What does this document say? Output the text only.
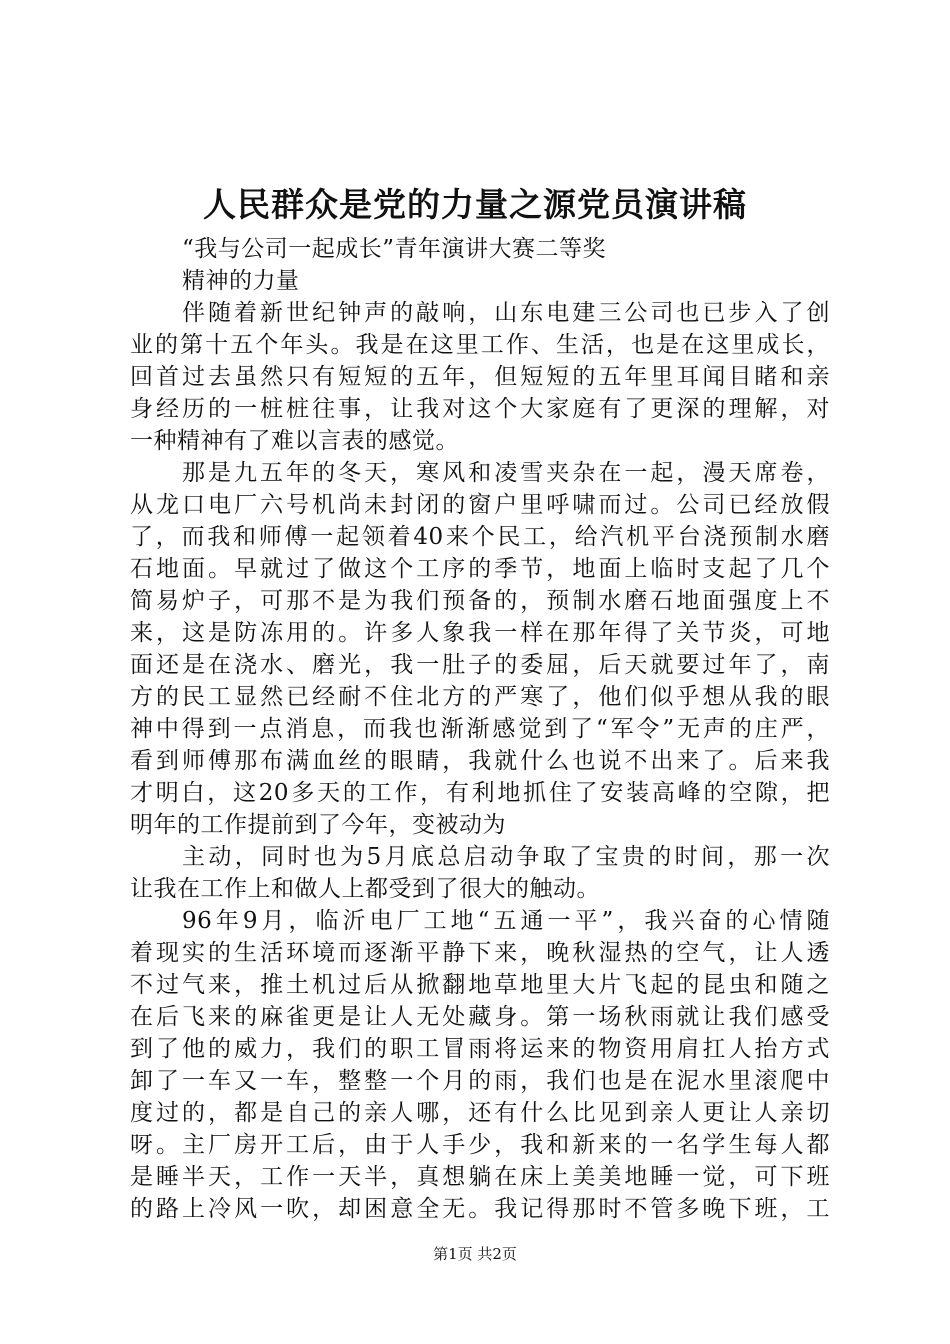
人民群众是党的力量之源党员演讲稿
“我与公司一起成长”青年演讲大赛二等奖
精神的力量
伴随着新世纪钟声的敲响，山东电建三公司也已步入了创
业的第十五个年头。我是在这里工作、生活，也是在这里成长，
回首过去虽然只有短短的五年，但短短的五年里耳闻目睹和亲
身经历的一桩桩往事，让我对这个大家庭有了更深的理解，对
一种精神有了难以言表的感觉。
那是九五年的冬天，寒风和凌雪夹杂在一起，漫天席卷，
从龙口电厂六号机尚未封闭的窗户里呼啸而过。公司已经放假
了，而我和师傅一起领着40来个民工，给汽机平台浇预制水磨
石地面。早就过了做这个工序的季节，地面上临时支起了几个
简易炉子，可那不是为我们预备的，预制水磨石地面强度上不
来，这是防冻用的。许多人象我一样在那年得了关节炎，可地
面还是在浇水、磨光，我一肚子的委屈，后天就要过年了，南
方的民工显然已经耐不住北方的严寒了，他们似乎想从我的眼
神中得到一点消息，而我也渐渐感觉到了“军令”无声的庄严，
看到师傅那布满血丝的眼睛，我就什么也说不出来了。后来我
才明白，这20多天的工作，有利地抓住了安装高峰的空隙，把
明年的工作提前到了今年，变被动为
主动，同时也为5月底总启动争取了宝贵的时间，那一次
让我在工作上和做人上都受到了很大的触动。
96年9月，临沂电厂工地“五通一平”，我兴奋的心情随
着现实的生活环境而逐渐平静下来，晚秋湿热的空气，让人透
不过气来，推土机过后从掀翻地草地里大片飞起的昆虫和随之
在后飞来的麻雀更是让人无处藏身。第一场秋雨就让我们感受
到了他的威力，我们的职工冒雨将运来的物资用肩扛人抬方式
卸了一车又一车，整整一个月的雨，我们也是在泥水里滚爬中
度过的，都是自己的亲人哪，还有什么比见到亲人更让人亲切
呀。主厂房开工后，由于人手少，我和新来的一名学生每人都
是睡半天，工作一天半，真想躺在床上美美地睡一觉，可下班
的路上冷风一吹，却困意全无。我记得那时不管多晚下班，工
第1页 共2页
